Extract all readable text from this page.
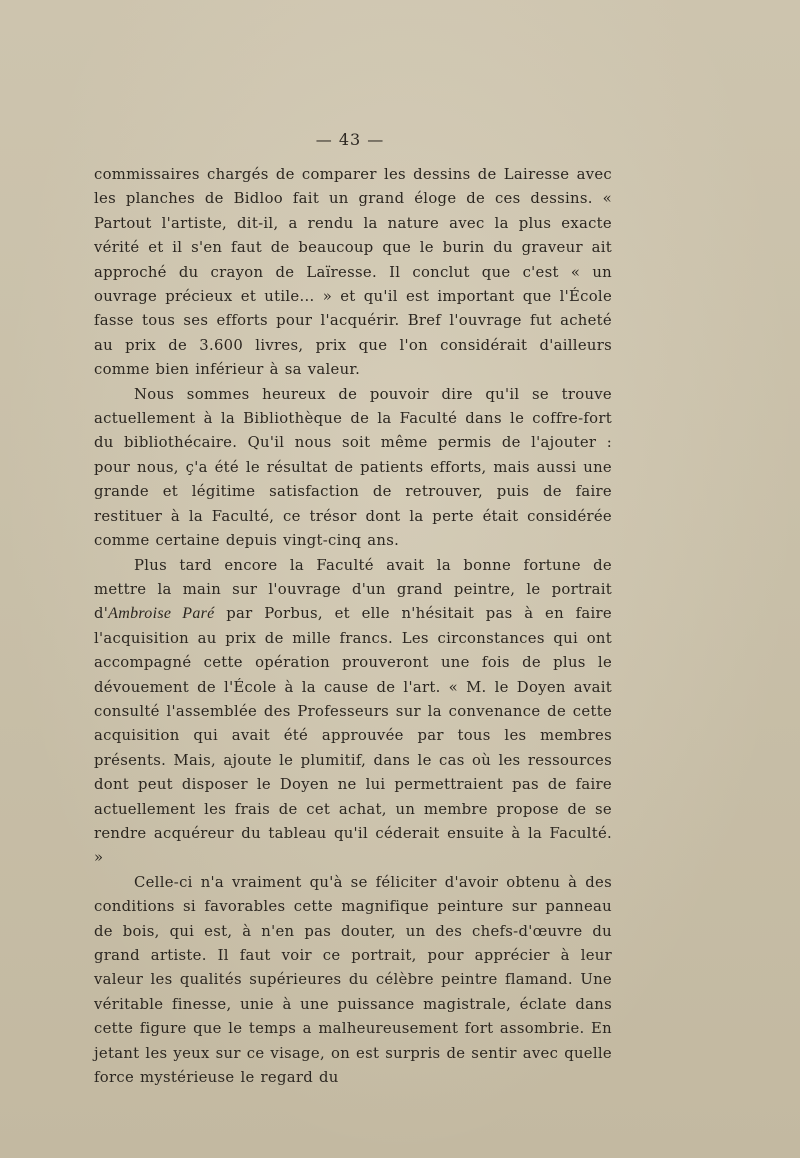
— 43 —

commissaires chargés de comparer les dessins de Lairesse avec les planches de Bidloo fait un grand éloge de ces dessins. « Partout l'artiste, dit-il, a rendu la nature avec la plus exacte vérité et il s'en faut de beaucoup que le burin du graveur ait approché du crayon de Laïresse. Il conclut que c'est « un ouvrage précieux et utile... » et qu'il est important que l'École fasse tous ses efforts pour l'acquérir. Bref l'ouvrage fut acheté au prix de 3.600 livres, prix que l'on considérait d'ailleurs comme bien inférieur à sa valeur.

Nous sommes heureux de pouvoir dire qu'il se trouve actuellement à la Bibliothèque de la Faculté dans le coffre-fort du bibliothécaire. Qu'il nous soit même permis de l'ajouter : pour nous, ç'a été le résultat de patients efforts, mais aussi une grande et légitime satisfaction de retrouver, puis de faire restituer à la Faculté, ce trésor dont la perte était considérée comme certaine depuis vingt-cinq ans.

Plus tard encore la Faculté avait la bonne fortune de mettre la main sur l'ouvrage d'un grand peintre, le portrait d'Ambroise Paré par Porbus, et elle n'hésitait pas à en faire l'acquisition au prix de mille francs. Les circonstances qui ont accompagné cette opération prouveront une fois de plus le dévouement de l'École à la cause de l'art. « M. le Doyen avait consulté l'assemblée des Professeurs sur la convenance de cette acquisition qui avait été approuvée par tous les membres présents. Mais, ajoute le plumitif, dans le cas où les ressources dont peut disposer le Doyen ne lui permettraient pas de faire actuellement les frais de cet achat, un membre propose de se rendre acquéreur du tableau qu'il céderait ensuite à la Faculté. »

Celle-ci n'a vraiment qu'à se féliciter d'avoir obtenu à des conditions si favorables cette magnifique peinture sur panneau de bois, qui est, à n'en pas douter, un des chefs-d'œuvre du grand artiste. Il faut voir ce portrait, pour apprécier à leur valeur les qualités supérieures du célèbre peintre flamand. Une véritable finesse, unie à une puissance magistrale, éclate dans cette figure que le temps a malheureusement fort assombrie. En jetant les yeux sur ce visage, on est surpris de sentir avec quelle force mystérieuse le regard du
